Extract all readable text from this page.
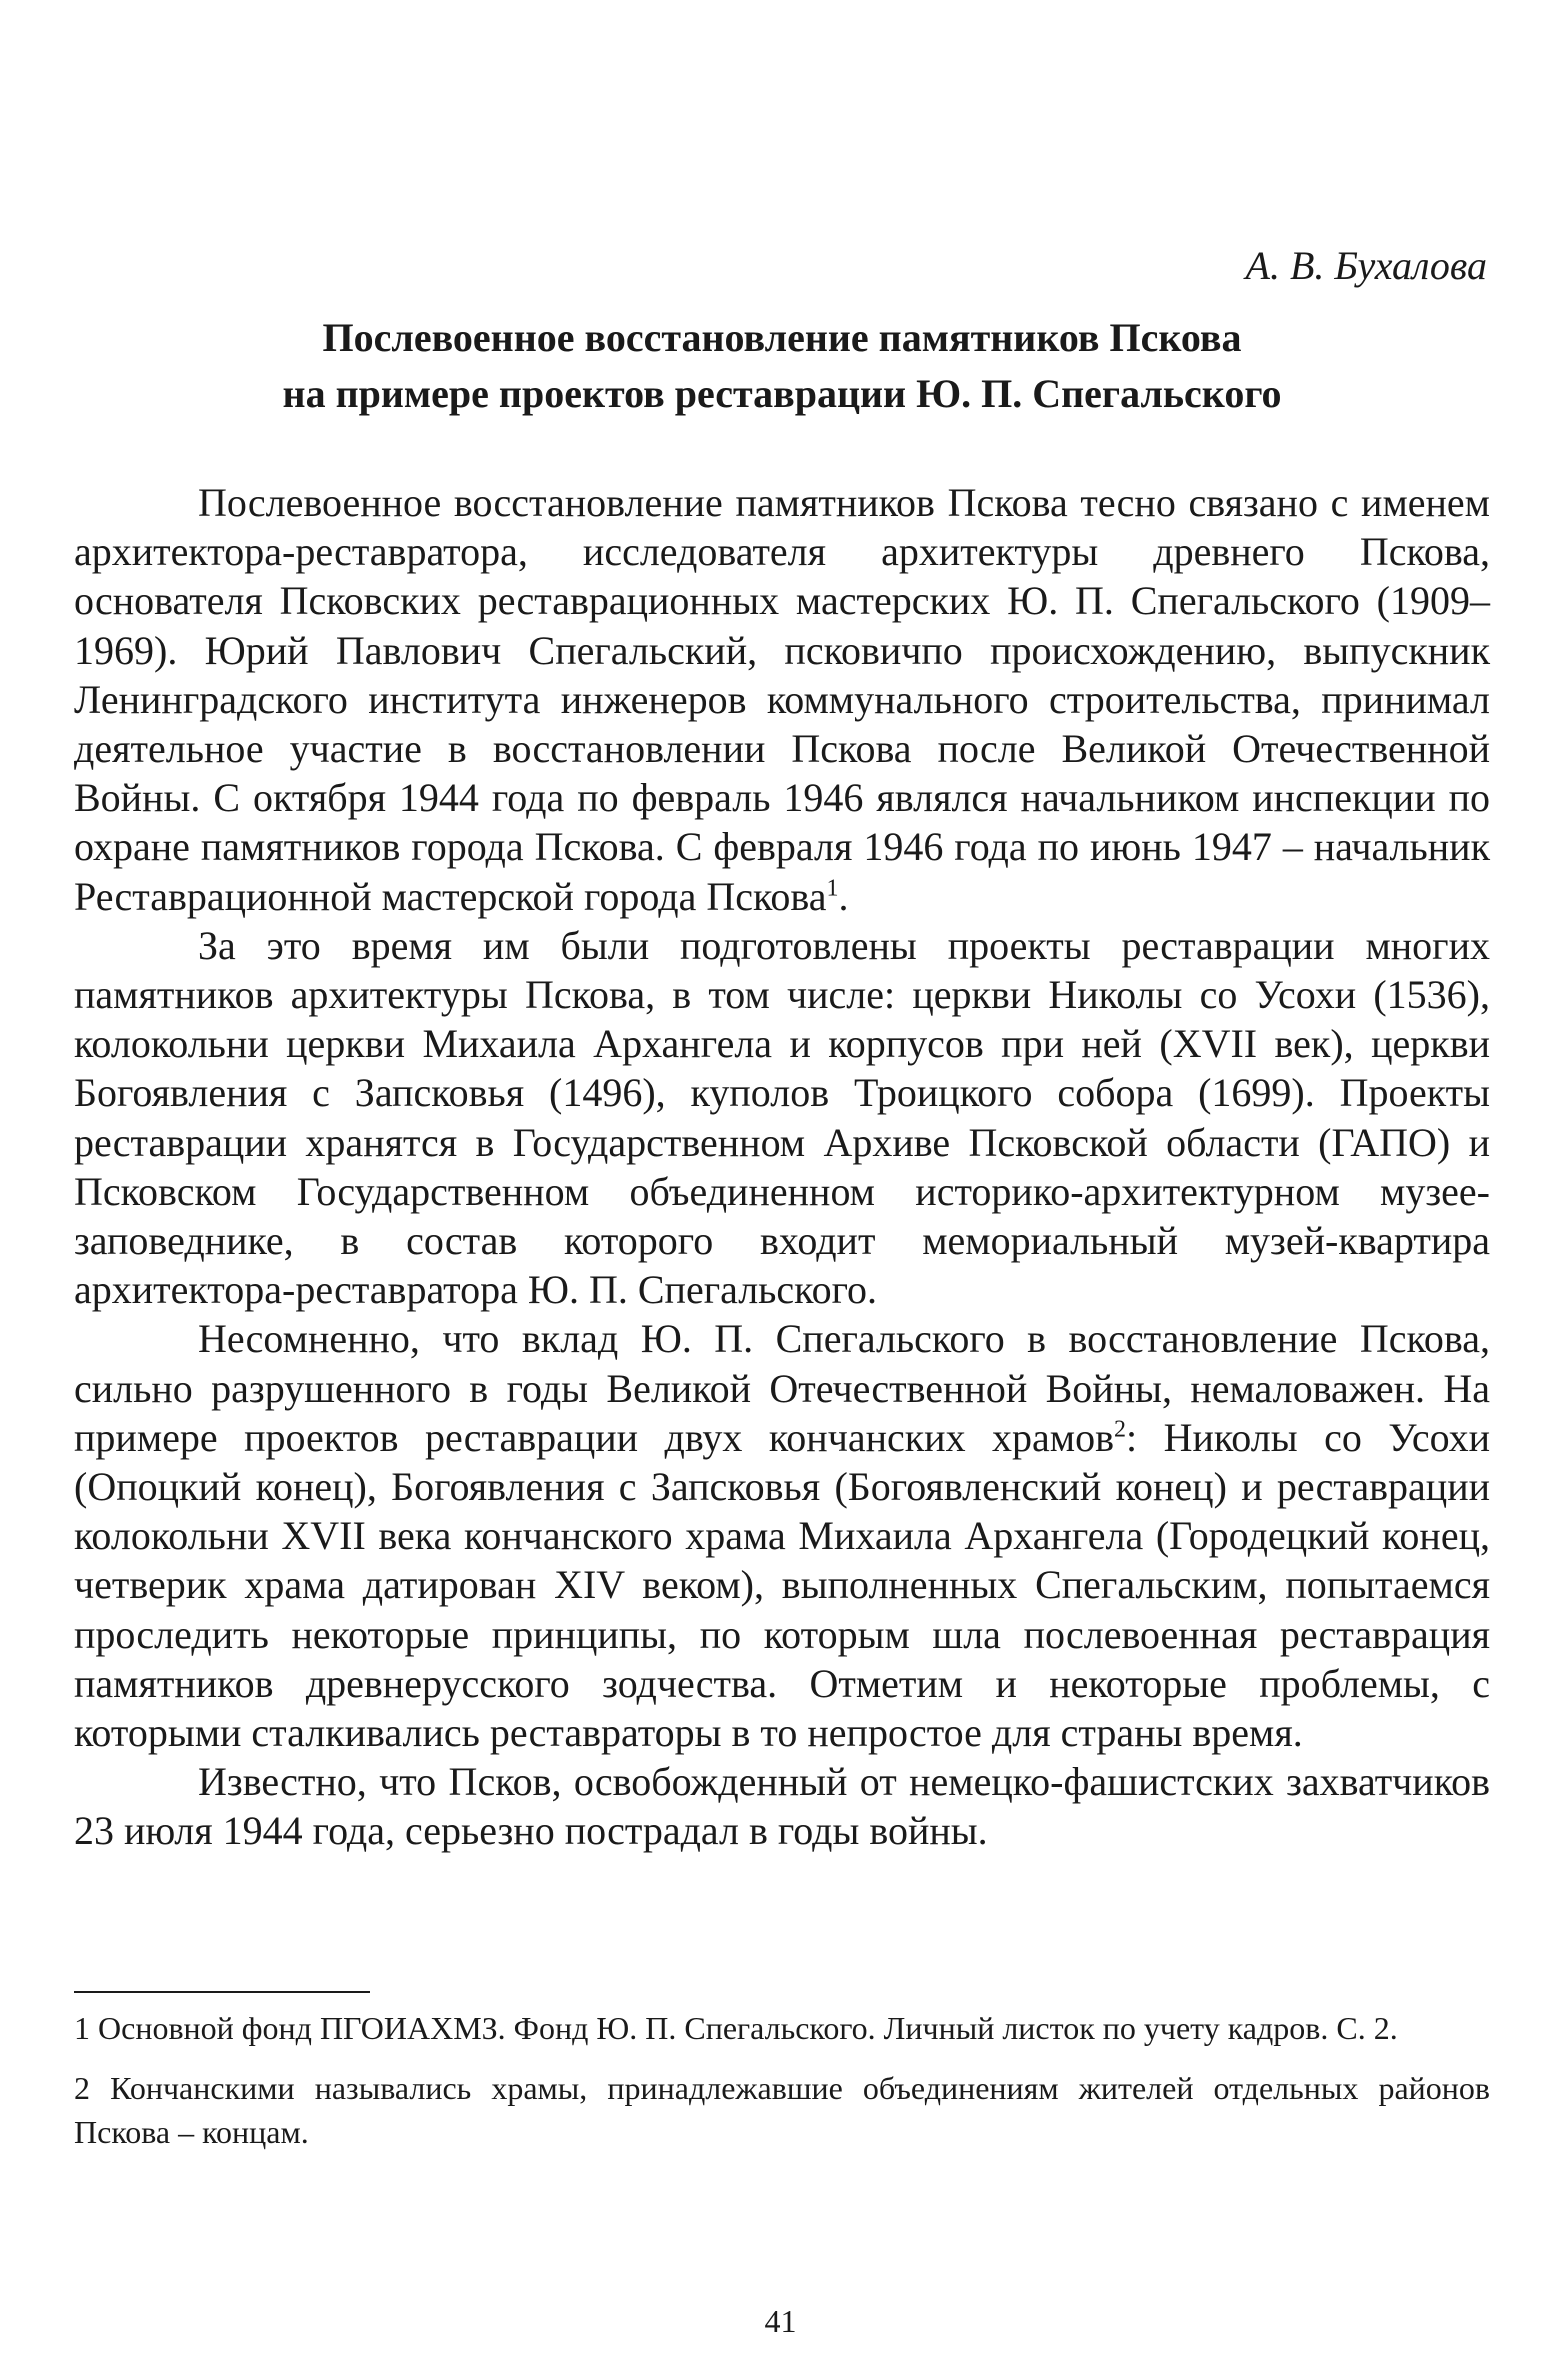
А. В. Бухалова
Послевоенное восстановление памятников Пскова
на примере проектов реставрации Ю. П. Спегальского

Послевоенное восстановление памятников Пскова тесно связано с именем архитектора-реставратора, исследователя архитектуры древнего Пскова, основателя Псковских реставрационных мастерских Ю. П. Спегальского (1909–1969). Юрий Павлович Спегальский, псковичпо происхождению, выпускник Ленинградского института инженеров коммунального строительства, принимал деятельное участие в восстановлении Пскова после Великой Отечественной Войны. С октября 1944 года по февраль 1946 являлся начальником инспекции по охране памятников города Пскова. С февраля 1946 года по июнь 1947 – начальник Реставрационной мастерской города Пскова$^1$.

За это время им были подготовлены проекты реставрации многих памятников архитектуры Пскова, в том числе: церкви Николы со Усохи (1536), колокольни церкви Михаила Архангела и корпусов при ней (XVII век), церкви Богоявления с Запсковья (1496), куполов Троицкого собора (1699). Проекты реставрации хранятся в Государственном Архиве Псковской области (ГАПО) и Псковском Государственном объединенном историко-архитектурном музее-заповеднике, в состав которого входит мемориальный музей-квартира архитектора-реставратора Ю. П. Спегальского.

Несомненно, что вклад Ю. П. Спегальского в восстановление Пскова, сильно разрушенного в годы Великой Отечественной Войны, немаловажен. На примере проектов реставрации двух кончанских храмов$^2$: Николы со Усохи (Опоцкий конец), Богоявления с Запсковья (Богоявленский конец) и реставрации колокольни XVII века кончанского храма Михаила Архангела (Городецкий конец, четверик храма датирован XIV веком), выполненных Спегальским, попытаемся проследить некоторые принципы, по которым шла послевоенная реставрация памятников древнерусского зодчества. Отметим и некоторые проблемы, с которыми сталкивались реставраторы в то непростое для страны время.

Известно, что Псков, освобожденный от немецко-фашистских захватчиков 23 июля 1944 года, серьезно пострадал в годы войны.

1 Основной фонд ПГОИАХМЗ. Фонд Ю. П. Спегальского. Личный листок по учету кадров. С. 2.

2 Кончанскими назывались храмы, принадлежавшие объединениям жителей отдельных районов Пскова – концам.

41
